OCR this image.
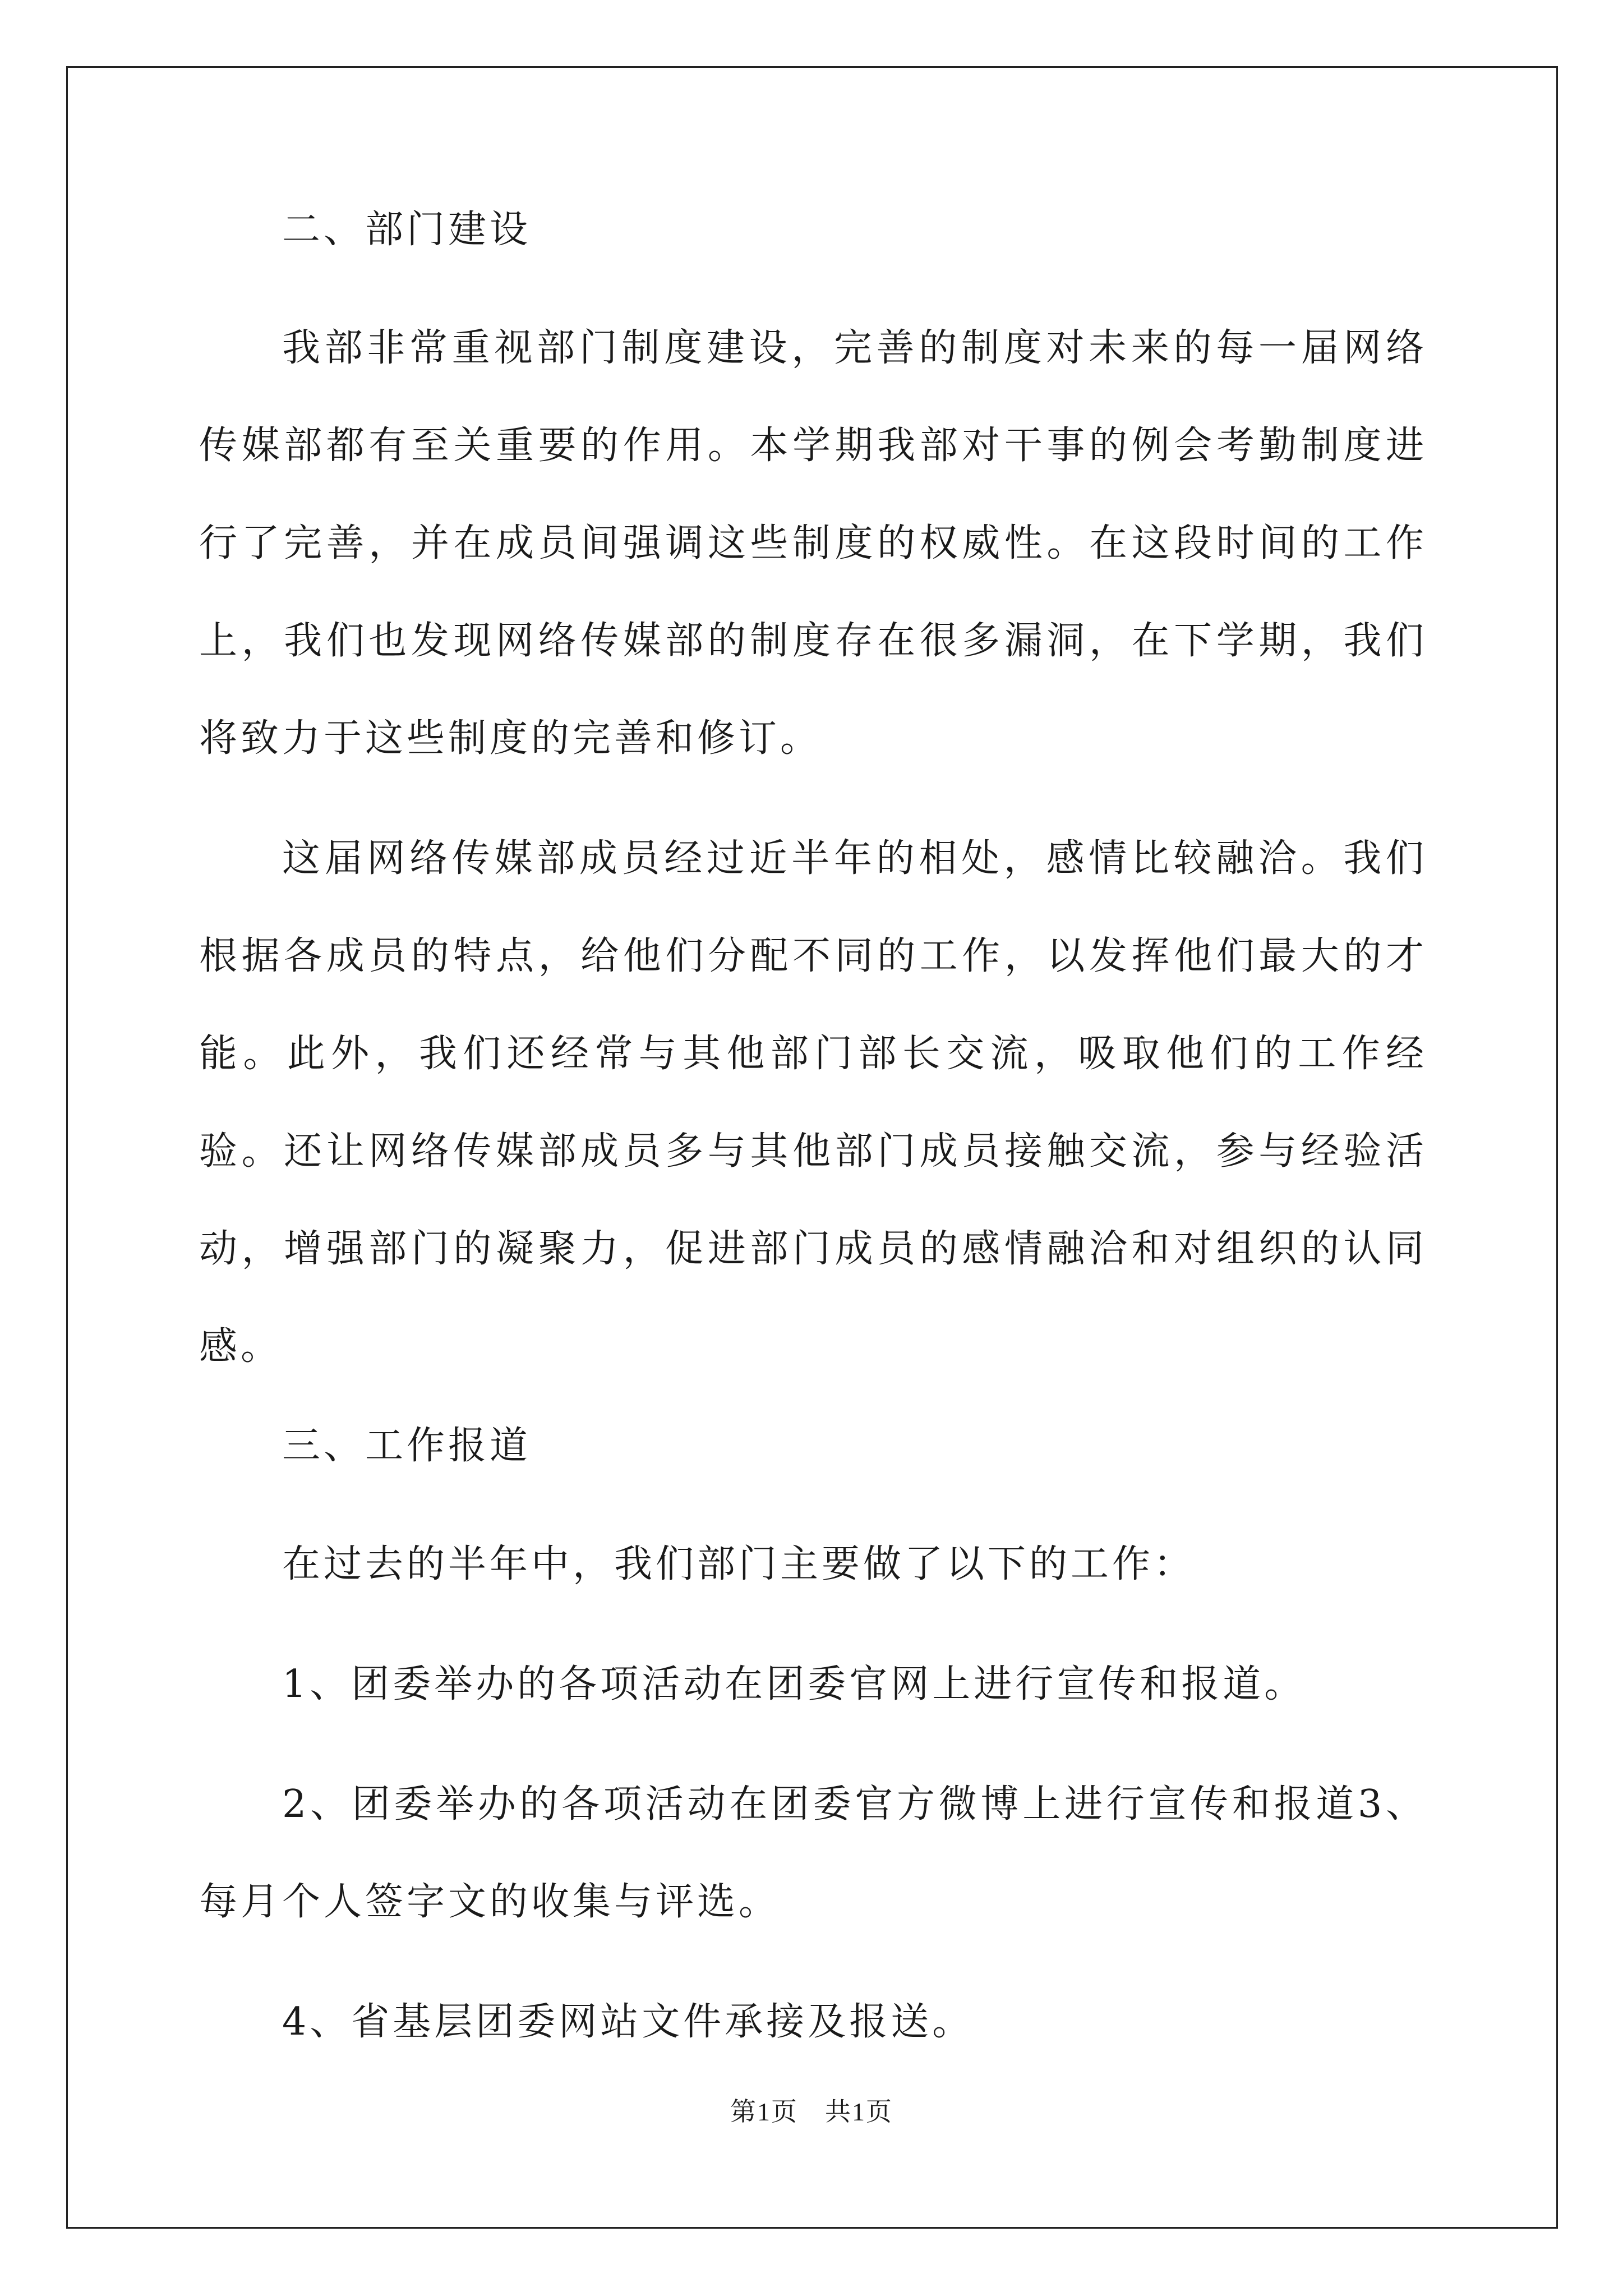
二、部门建设

我部非常重视部门制度建设，完善的制度对未来的每一届网络传媒部都有至关重要的作用。本学期我部对干事的例会考勤制度进行了完善，并在成员间强调这些制度的权威性。在这段时间的工作上，我们也发现网络传媒部的制度存在很多漏洞，在下学期，我们将致力于这些制度的完善和修订。

这届网络传媒部成员经过近半年的相处，感情比较融洽。我们根据各成员的特点，给他们分配不同的工作，以发挥他们最大的才能。此外，我们还经常与其他部门部长交流，吸取他们的工作经验。还让网络传媒部成员多与其他部门成员接触交流，参与经验活动，增强部门的凝聚力，促进部门成员的感情融洽和对组织的认同感。

三、工作报道

在过去的半年中，我们部门主要做了以下的工作：

1、团委举办的各项活动在团委官网上进行宣传和报道。

2、团委举办的各项活动在团委官方微博上进行宣传和报道3、每月个人签字文的收集与评选。

4、省基层团委网站文件承接及报送。

第1页　共1页
